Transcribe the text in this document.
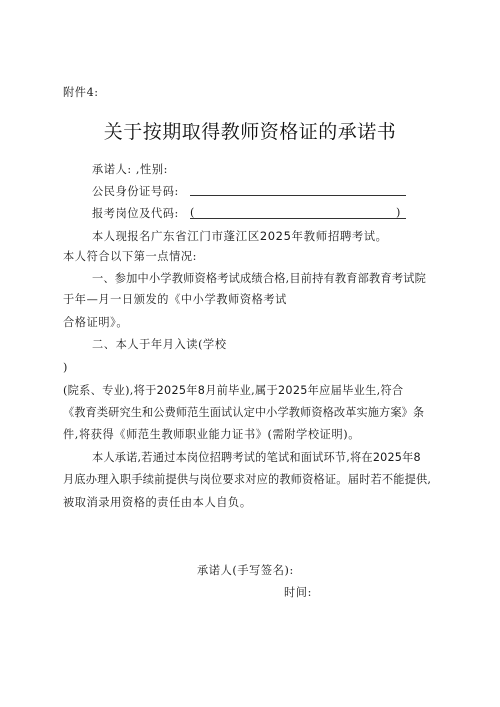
附件4:
关于按期取得教师资格证的承诺书
承诺人: ,性别:
公民身份证号码:
报考岗位及代码: (	)
本人现报名广东省江门市蓬江区2025年教师招聘考试。
本人符合以下第一点情况:
一、参加中小学教师资格考试成绩合格,目前持有教育部教育考试院
于年—月一日颁发的《中小学教师资格考试
合格证明》。
二、本人于年月入读(学校
)
(院系、专业),将于2025年8月前毕业,属于2025年应届毕业生,符合
《教育类研究生和公费师范生面试认定中小学教师资格改革实施方案》条
件,将获得《师范生教师职业能力证书》(需附学校证明)。
本人承诺,若通过本岗位招聘考试的笔试和面试环节,将在2025年8
月底办理入职手续前提供与岗位要求对应的教师资格证。届时若不能提供,
被取消录用资格的责任由本人自负。
承诺人(手写签名):
时间:
